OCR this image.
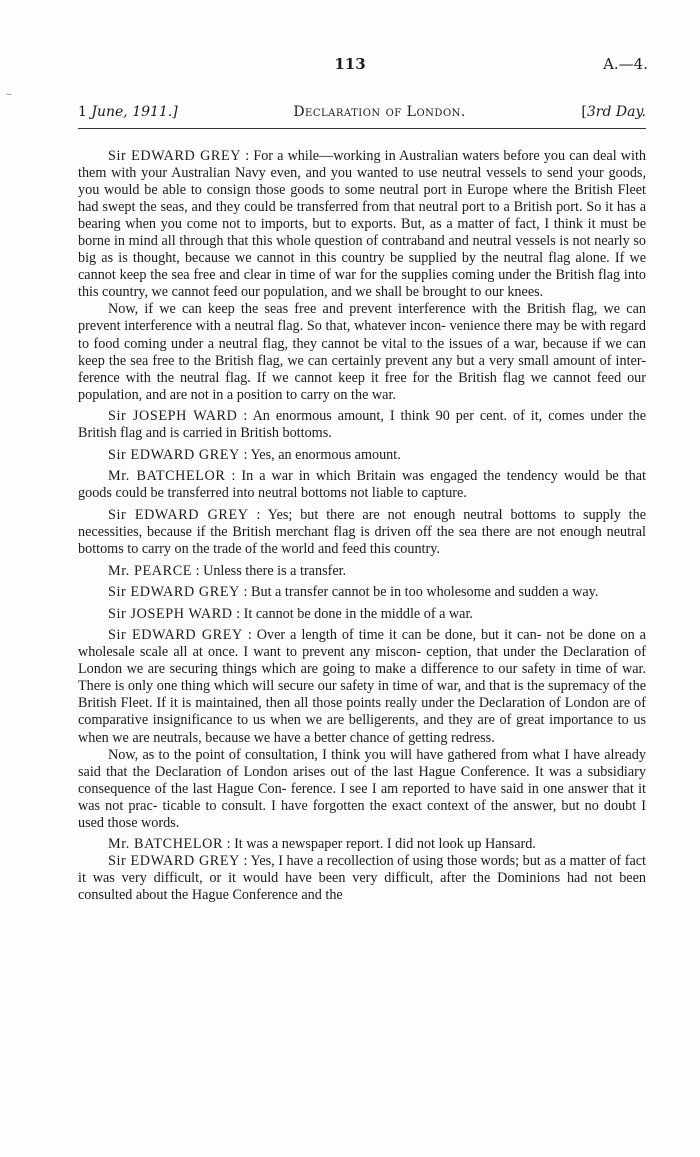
~
113	A.—4.
1 June, 1911.]	Declaration of London.	[3rd Day.

Sir EDWARD GREY : For a while—working in Australian waters before you can deal with them with your Australian Navy even, and you wanted to use neutral vessels to send your goods, you would be able to consign those goods to some neutral port in Europe where the British Fleet had swept the seas, and they could be transferred from that neutral port to a British port. So it has a bearing when you come not to imports, but to exports. But, as a matter of fact, I think it must be borne in mind all through that this whole question of contraband and neutral vessels is not nearly so big as is thought, because we cannot in this country be supplied by the neutral flag alone. If we cannot keep the sea free and clear in time of war for the supplies coming under the British flag into this country, we cannot feed our population, and we shall be brought to our knees.

Now, if we can keep the seas free and prevent interference with the British flag, we can prevent interference with a neutral flag. So that, whatever incon- venience there may be with regard to food coming under a neutral flag, they cannot be vital to the issues of a war, because if we can keep the sea free to the British flag, we can certainly prevent any but a very small amount of inter- ference with the neutral flag. If we cannot keep it free for the British flag we cannot feed our population, and are not in a position to carry on the war.

Sir JOSEPH WARD : An enormous amount, I think 90 per cent. of it, comes under the British flag and is carried in British bottoms.

Sir EDWARD GREY : Yes, an enormous amount.

Mr. BATCHELOR : In a war in which Britain was engaged the tendency would be that goods could be transferred into neutral bottoms not liable to capture.

Sir EDWARD GREY : Yes; but there are not enough neutral bottoms to supply the necessities, because if the British merchant flag is driven off the sea there are not enough neutral bottoms to carry on the trade of the world and feed this country.

Mr. PEARCE : Unless there is a transfer.

Sir EDWARD GREY : But a transfer cannot be in too wholesome and sudden a way.

Sir JOSEPH WARD : It cannot be done in the middle of a war.

Sir EDWARD GREY : Over a length of time it can be done, but it can- not be done on a wholesale scale all at once. I want to prevent any miscon- ception, that under the Declaration of London we are securing things which are going to make a difference to our safety in time of war. There is only one thing which will secure our safety in time of war, and that is the supremacy of the British Fleet. If it is maintained, then all those points really under the Declaration of London are of comparative insignificance to us when we are belligerents, and they are of great importance to us when we are neutrals, because we have a better chance of getting redress.

Now, as to the point of consultation, I think you will have gathered from what I have already said that the Declaration of London arises out of the last Hague Conference. It was a subsidiary consequence of the last Hague Con- ference. I see I am reported to have said in one answer that it was not prac- ticable to consult. I have forgotten the exact context of the answer, but no doubt I used those words.

Mr. BATCHELOR : It was a newspaper report. I did not look up Hansard.

Sir EDWARD GREY : Yes, I have a recollection of using those words; but as a matter of fact it was very difficult, or it would have been very difficult, after the Dominions had not been consulted about the Hague Conference and the
